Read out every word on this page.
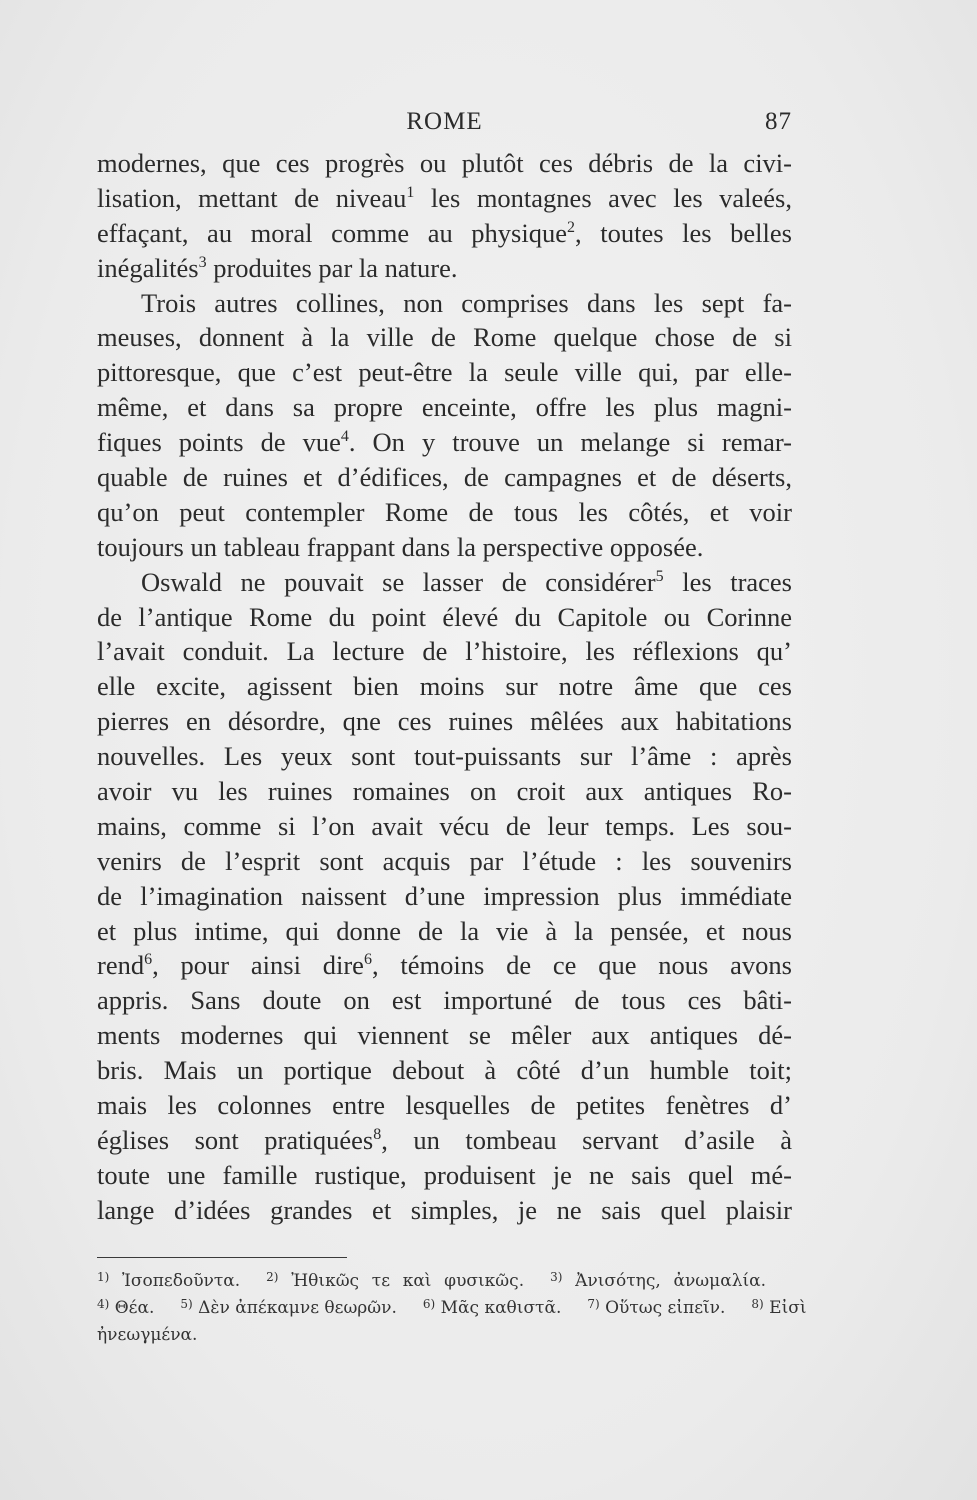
ROME	87
modernes, que ces progrès ou plutôt ces débris de la civi-
lisation, mettant de niveau$^1$ les montagnes avec les valeés,
effaçant, au moral comme au physique$^2$, toutes les belles
inégalités$^3$ produites par la nature.
Trois autres collines, non comprises dans les sept fa-
meuses, donnent à la ville de Rome quelque chose de si
pittoresque, que c’est peut-être la seule ville qui, par elle-
même, et dans sa propre enceinte, offre les plus magni-
fiques points de vue$^4$. On y trouve un melange si remar-
quable de ruines et d’édifices, de campagnes et de déserts,
qu’on peut contempler Rome de tous les côtés, et voir
toujours un tableau frappant dans la perspective opposée.
Oswald ne pouvait se lasser de considérer$^5$ les traces
de l’antique Rome du point élevé du Capitole ou Corinne
l’avait conduit. La lecture de l’histoire, les réflexions qu’
elle excite, agissent bien moins sur notre âme que ces
pierres en désordre, qne ces ruines mêlées aux habitations
nouvelles. Les yeux sont tout-puissants sur l’âme : après
avoir vu les ruines romaines on croit aux antiques Ro-
mains, comme si l’on avait vécu de leur temps. Les sou-
venirs de l’esprit sont acquis par l’étude : les souvenirs
de l’imagination naissent d’une impression plus immédiate
et plus intime, qui donne de la vie à la pensée, et nous
rend$^6$, pour ainsi dire$^6$, témoins de ce que nous avons
appris. Sans doute on est importuné de tous ces bâti-
ments modernes qui viennent se mêler aux antiques dé-
bris. Mais un portique debout à côté d’un humble toit;
mais les colonnes entre lesquelles de petites fenètres d’
églises sont pratiquées$^8$, un tombeau servant d’asile à
toute une famille rustique, produisent je ne sais quel mé-
lange d’idées grandes et simples, je ne sais quel plaisir
$^{1)}$ Ἰσοπεδοῦντα. $^{2)}$ Ἠθικῶς τε καὶ φυσικῶς. $^{3)}$ Ἀνισότης, ἀνωμαλία.
$^{4)}$ Θέα. $^{5)}$ Δὲν ἀπέκαμνε θεωρῶν. $^{6)}$ Μᾶς καθιστᾶ. $^{7)}$ Οὕτως εἰπεῖν. $^{8)}$ Εἰσὶ
ἠνεωγμένα.
